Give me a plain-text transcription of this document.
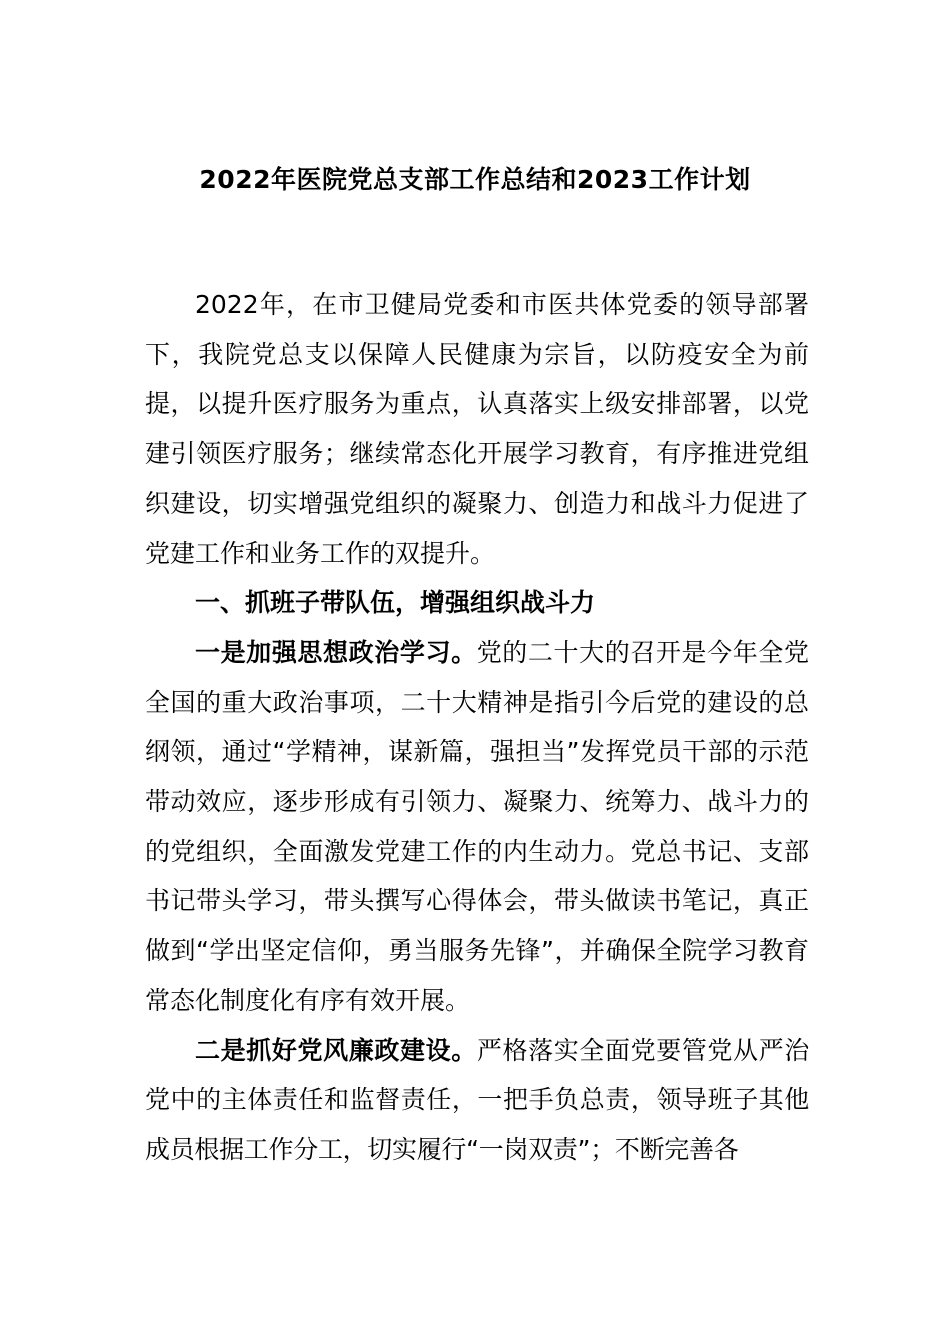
2022年医院党总支部工作总结和2023工作计划

2022年，在市卫健局党委和市医共体党委的领导部署下，我院党总支以保障人民健康为宗旨，以防疫安全为前提，以提升医疗服务为重点，认真落实上级安排部署，以党建引领医疗服务；继续常态化开展学习教育，有序推进党组织建设，切实增强党组织的凝聚力、创造力和战斗力促进了党建工作和业务工作的双提升。

一、抓班子带队伍，增强组织战斗力

一是加强思想政治学习。党的二十大的召开是今年全党全国的重大政治事项，二十大精神是指引今后党的建设的总纲领，通过“学精神，谋新篇，强担当”发挥党员干部的示范带动效应，逐步形成有引领力、凝聚力、统筹力、战斗力的的党组织，全面激发党建工作的内生动力。党总书记、支部书记带头学习，带头撰写心得体会，带头做读书笔记，真正做到“学出坚定信仰，勇当服务先锋”，并确保全院学习教育常态化制度化有序有效开展。

二是抓好党风廉政建设。严格落实全面党要管党从严治党中的主体责任和监督责任，一把手负总责，领导班子其他成员根据工作分工，切实履行“一岗双责”；不断完善各
